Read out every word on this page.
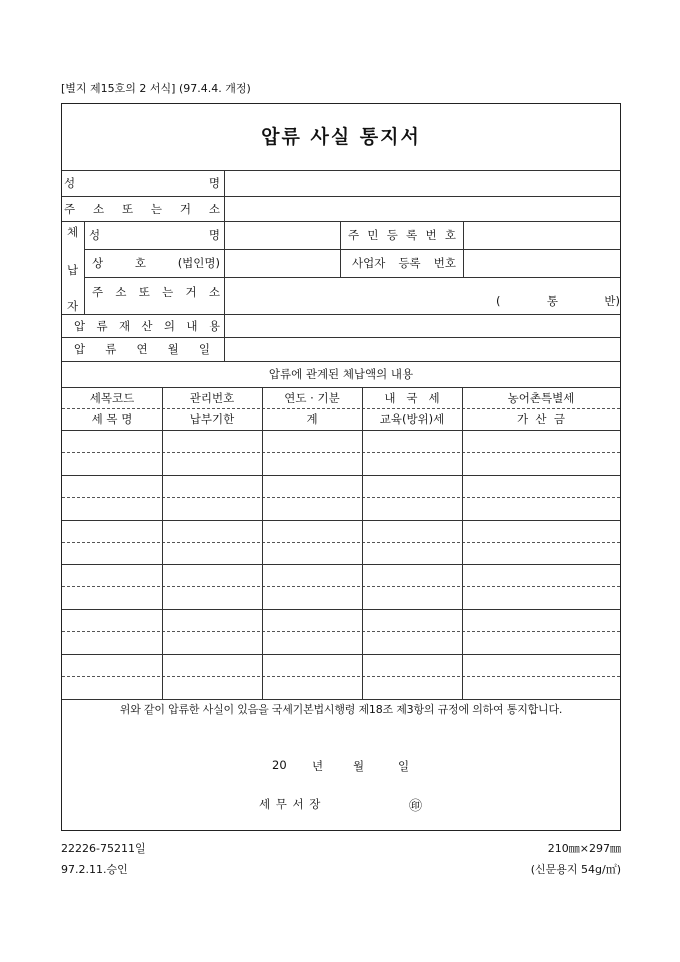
[별지 제15호의 2 서식] (97.4.4. 개정)
압류 사실 통지서
성	명
주 소 또 는 거 소
체
납
자
성	명	주 민 등 록 번 호
상	호	(법인명)	사업자 등록 번호
주 소 또 는 거 소
(	통	반)
압 류 재 산 의 내 용
압 류 연 월 일
압류에 관계된 체납액의 내용
세목코드	관리번호	연도 · 기분	내   국   세	농어촌특별세
세 목 명	납부기한	계	교육(방위)세	가  산  금
위와 같이 압류한 사실이 있음을 국세기본법시행령 제18조 제3항의 규정에 의하여 통지합니다.
20 년	월	일
세 무 서 장	㊞
22226-75211일
97.2.11.승인
210㎜×297㎜
(신문용지 54g/㎡)
